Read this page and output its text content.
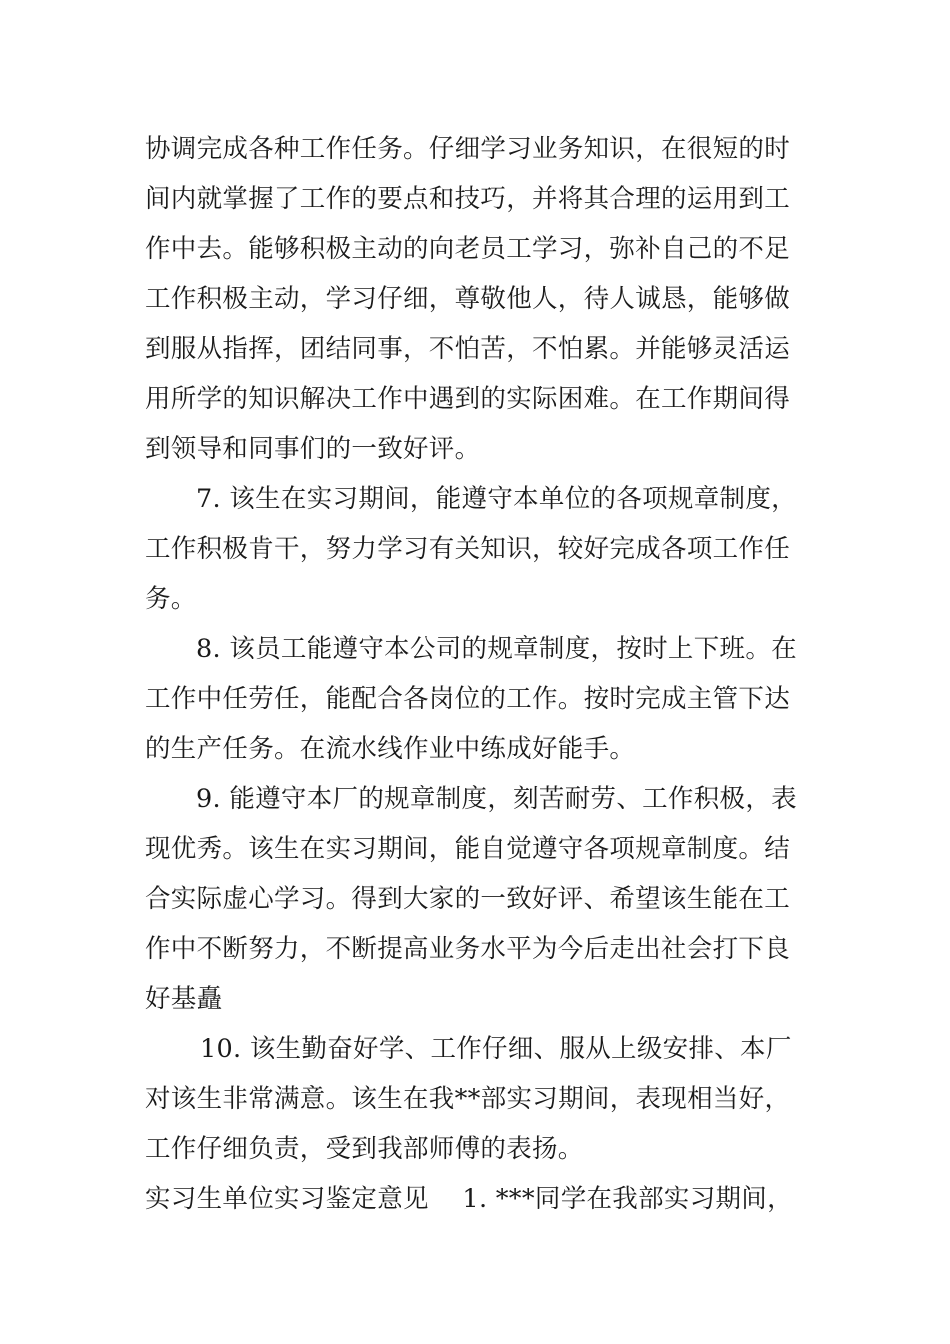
协调完成各种工作任务。仔细学习业务知识，在很短的时
间内就掌握了工作的要点和技巧，并将其合理的运用到工
作中去。能够积极主动的向老员工学习，弥补自己的不足
工作积极主动，学习仔细，尊敬他人，待人诚恳，能够做
到服从指挥，团结同事，不怕苦，不怕累。并能够灵活运
用所学的知识解决工作中遇到的实际困难。在工作期间得
到领导和同事们的一致好评。
7. 该生在实习期间，能遵守本单位的各项规章制度，
工作积极肯干，努力学习有关知识，较好完成各项工作任
务。
8. 该员工能遵守本公司的规章制度，按时上下班。在
工作中任劳任，能配合各岗位的工作。按时完成主管下达
的生产任务。在流水线作业中练成好能手。
9. 能遵守本厂的规章制度，刻苦耐劳、工作积极，表
现优秀。该生在实习期间，能自觉遵守各项规章制度。结
合实际虚心学习。得到大家的一致好评、希望该生能在工
作中不断努力，不断提高业务水平为今后走出社会打下良
好基矗
10. 该生勤奋好学、工作仔细、服从上级安排、本厂
对该生非常满意。该生在我**部实习期间，表现相当好，
工作仔细负责，受到我部师傅的表扬。
实习生单位实习鉴定意见    1. ***同学在我部实习期间，
